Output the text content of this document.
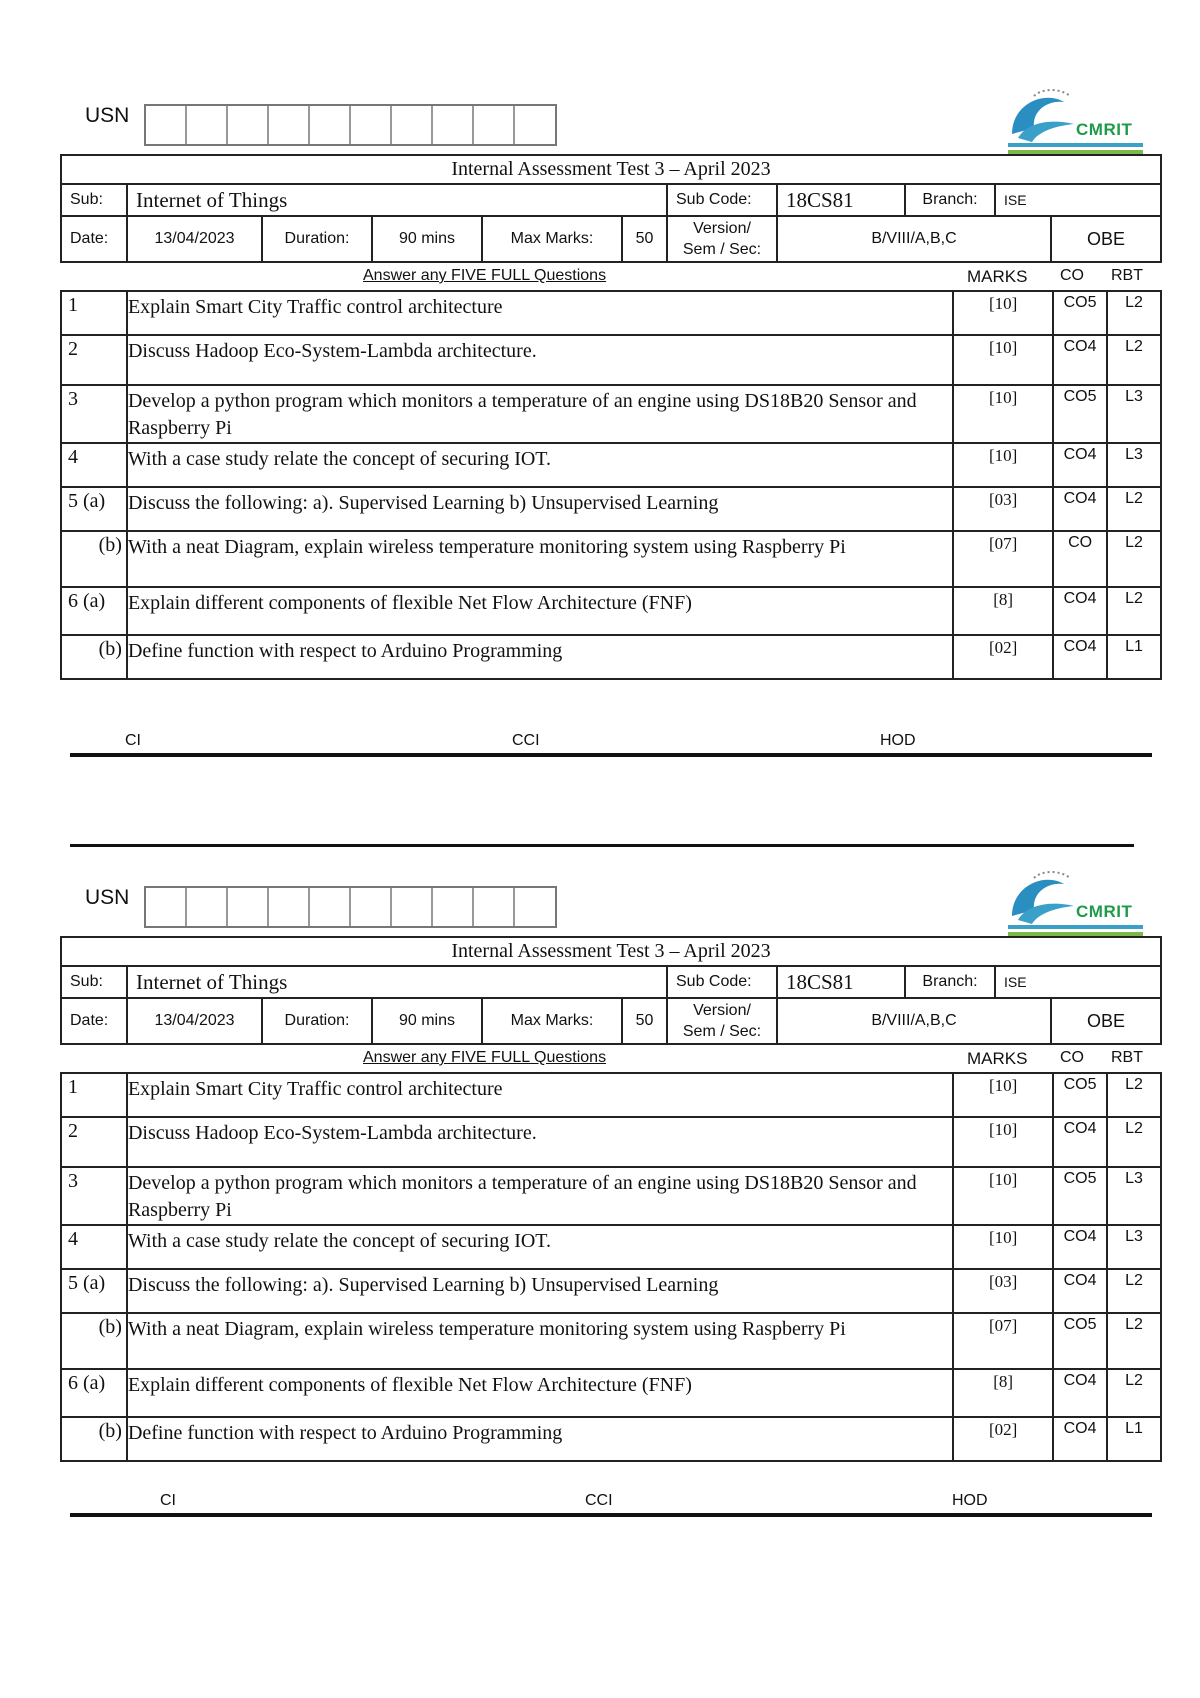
USN
CMRIT
Internal Assessment Test 3 – April 2023										
Sub:	Internet of Things					Sub Code:	18CS81	Branch:	ISE	
Date:	13/04/2023	Duration:	90 mins	Max Marks:	50	Version/
Sem / Sec:	B/VIII/A,B,C			OBE
Answer any FIVE FULL Questions	MARKS CO RBT
1	Explain Smart City Traffic control architecture	[10]	CO5	L2
2	Discuss Hadoop Eco-System-Lambda architecture.	[10]	CO4	L2
3	Develop a python program which monitors a temperature of an engine using DS18B20 Sensor and Raspberry Pi	[10]	CO5	L3
4	With a case study relate the concept of securing IOT.	[10]	CO4	L3
5 (a)	Discuss the following: a). Supervised Learning b) Unsupervised Learning	[03]	CO4	L2
(b)	With a neat Diagram, explain wireless temperature monitoring system using Raspberry Pi	[07]	CO	L2
6 (a)	Explain different components of flexible Net Flow Architecture (FNF)	[8]	CO4	L2
(b)	Define function with respect to Arduino Programming	[02]	CO4	L1
CI	CCI	HOD
USN
CMRIT
Internal Assessment Test 3 – April 2023										
Sub:	Internet of Things					Sub Code:	18CS81	Branch:	ISE	
Date:	13/04/2023	Duration:	90 mins	Max Marks:	50	Version/
Sem / Sec:	B/VIII/A,B,C			OBE
Answer any FIVE FULL Questions	MARKS CO RBT
1	Explain Smart City Traffic control architecture	[10]	CO5	L2
2	Discuss Hadoop Eco-System-Lambda architecture.	[10]	CO4	L2
3	Develop a python program which monitors a temperature of an engine using DS18B20 Sensor and Raspberry Pi	[10]	CO5	L3
4	With a case study relate the concept of securing IOT.	[10]	CO4	L3
5 (a)	Discuss the following: a). Supervised Learning b) Unsupervised Learning	[03]	CO4	L2
(b)	With a neat Diagram, explain wireless temperature monitoring system using Raspberry Pi	[07]	CO5	L2
6 (a)	Explain different components of flexible Net Flow Architecture (FNF)	[8]	CO4	L2
(b)	Define function with respect to Arduino Programming	[02]	CO4	L1
CI	CCI	HOD
